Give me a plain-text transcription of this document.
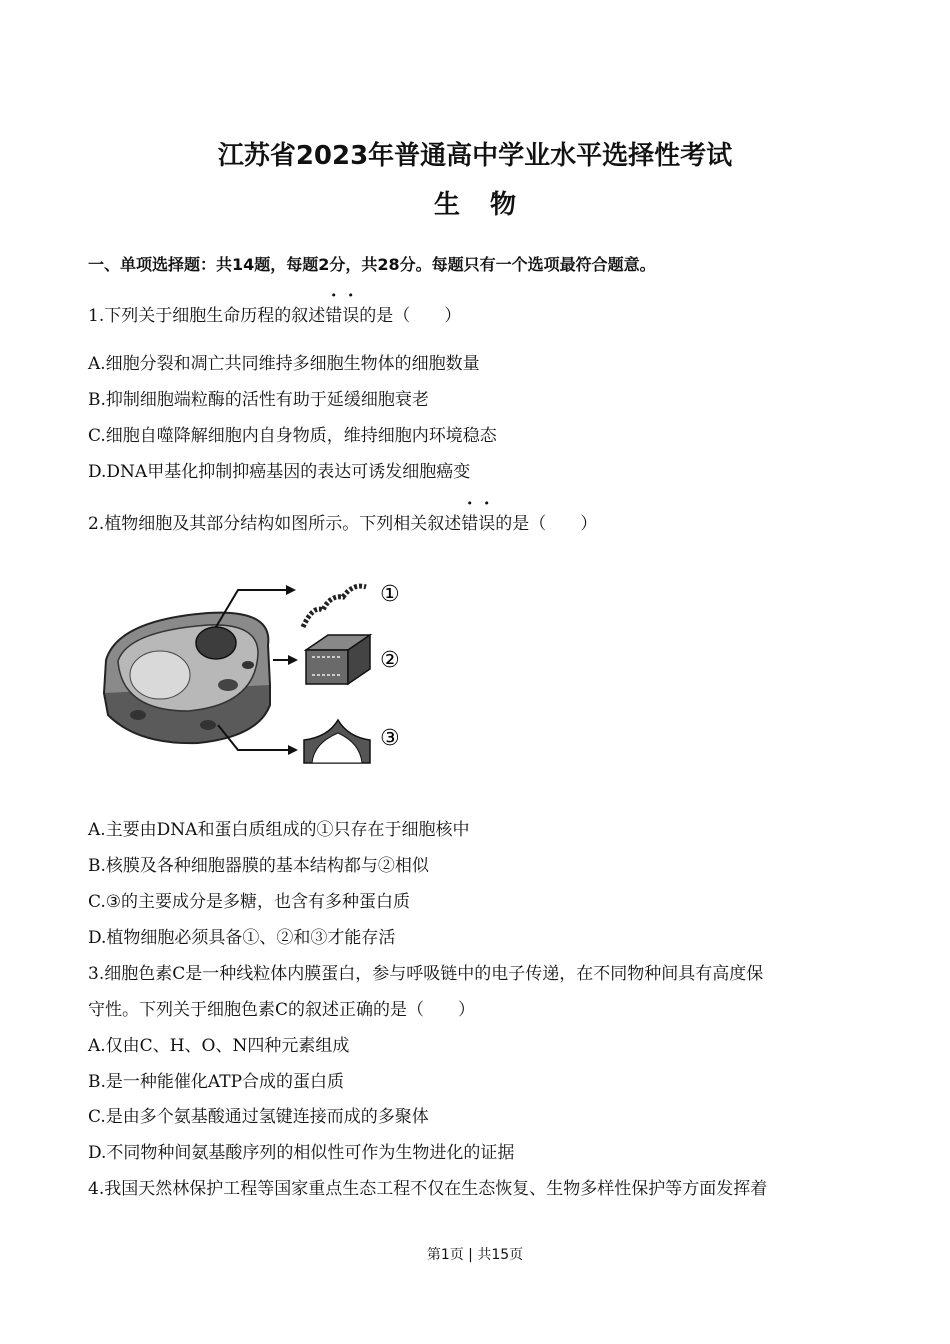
江苏省2023年普通高中学业水平选择性考试
生物
一、单项选择题：共14题，每题2分，共28分。每题只有一个选项最符合题意。
1.下列关于细胞生命历程的叙述错误的是（　　）
A.细胞分裂和凋亡共同维持多细胞生物体的细胞数量
B.抑制细胞端粒酶的活性有助于延缓细胞衰老
C.细胞自噬降解细胞内自身物质，维持细胞内环境稳态
D.DNA甲基化抑制抑癌基因的表达可诱发细胞癌变
2.植物细胞及其部分结构如图所示。下列相关叙述错误的是（　　）
①
②
③
A.主要由DNA和蛋白质组成的①只存在于细胞核中
B.核膜及各种细胞器膜的基本结构都与②相似
C.③的主要成分是多糖，也含有多种蛋白质
D.植物细胞必须具备①、②和③才能存活
3.细胞色素C是一种线粒体内膜蛋白，参与呼吸链中的电子传递，在不同物种间具有高度保
守性。下列关于细胞色素C的叙述正确的是（　　）
A.仅由C、H、O、N四种元素组成
B.是一种能催化ATP合成的蛋白质
C.是由多个氨基酸通过氢键连接而成的多聚体
D.不同物种间氨基酸序列的相似性可作为生物进化的证据
4.我国天然林保护工程等国家重点生态工程不仅在生态恢复、生物多样性保护等方面发挥着
第1页 | 共15页
